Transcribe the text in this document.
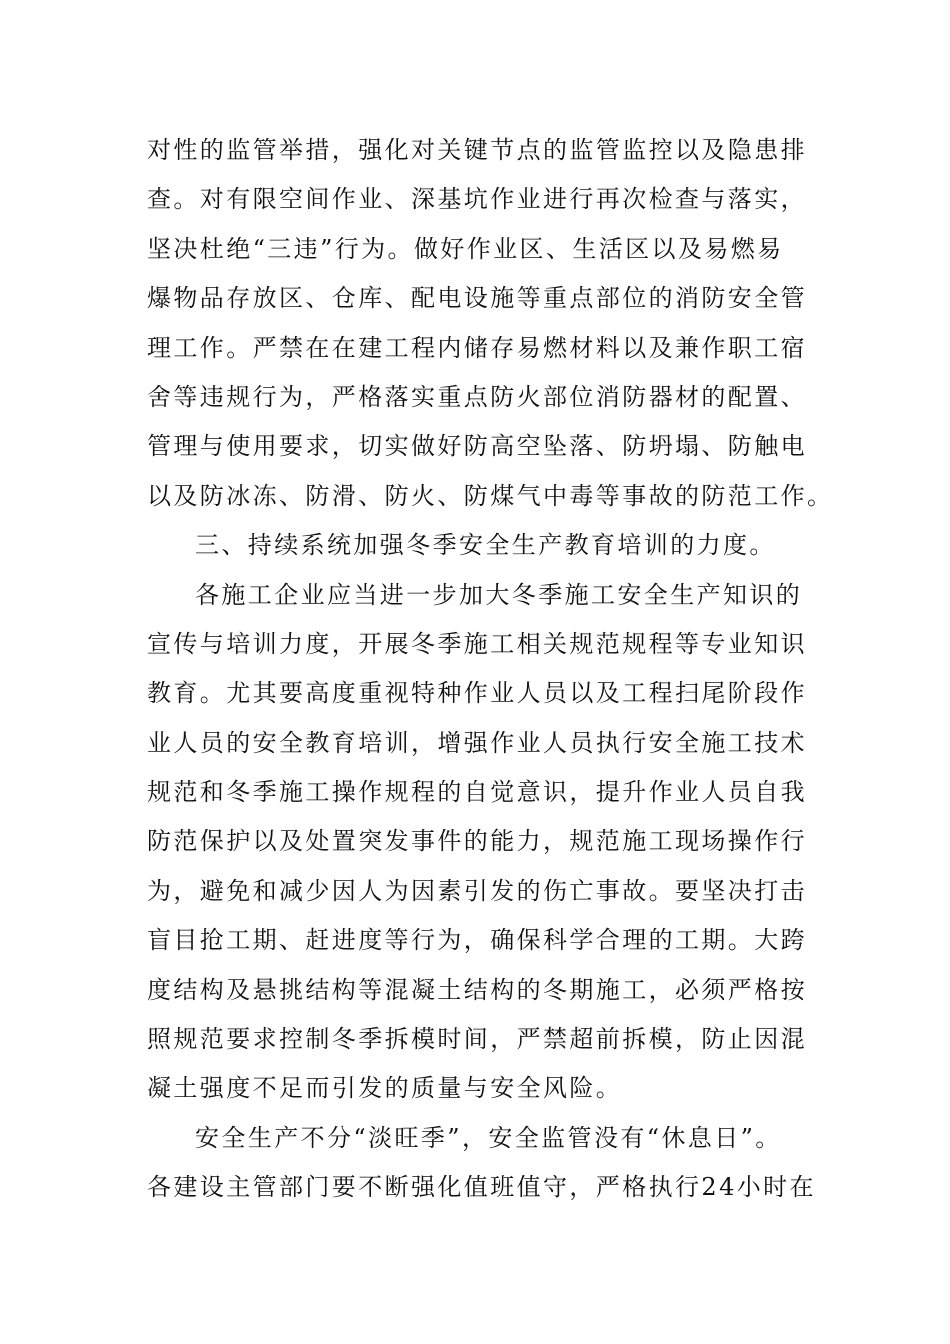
对性的监管举措，强化对关键节点的监管监控以及隐患排
查。对有限空间作业、深基坑作业进行再次检查与落实，
坚决杜绝“三违”行为。做好作业区、生活区以及易燃易
爆物品存放区、仓库、配电设施等重点部位的消防安全管
理工作。严禁在在建工程内储存易燃材料以及兼作职工宿
舍等违规行为，严格落实重点防火部位消防器材的配置、
管理与使用要求，切实做好防高空坠落、防坍塌、防触电
以及防冰冻、防滑、防火、防煤气中毒等事故的防范工作。
三、持续系统加强冬季安全生产教育培训的力度。
各施工企业应当进一步加大冬季施工安全生产知识的
宣传与培训力度，开展冬季施工相关规范规程等专业知识
教育。尤其要高度重视特种作业人员以及工程扫尾阶段作
业人员的安全教育培训，增强作业人员执行安全施工技术
规范和冬季施工操作规程的自觉意识，提升作业人员自我
防范保护以及处置突发事件的能力，规范施工现场操作行
为，避免和减少因人为因素引发的伤亡事故。要坚决打击
盲目抢工期、赶进度等行为，确保科学合理的工期。大跨
度结构及悬挑结构等混凝土结构的冬期施工，必须严格按
照规范要求控制冬季拆模时间，严禁超前拆模，防止因混
凝土强度不足而引发的质量与安全风险。
安全生产不分“淡旺季”，安全监管没有“休息日”。
各建设主管部门要不断强化值班值守，严格执行24小时在
